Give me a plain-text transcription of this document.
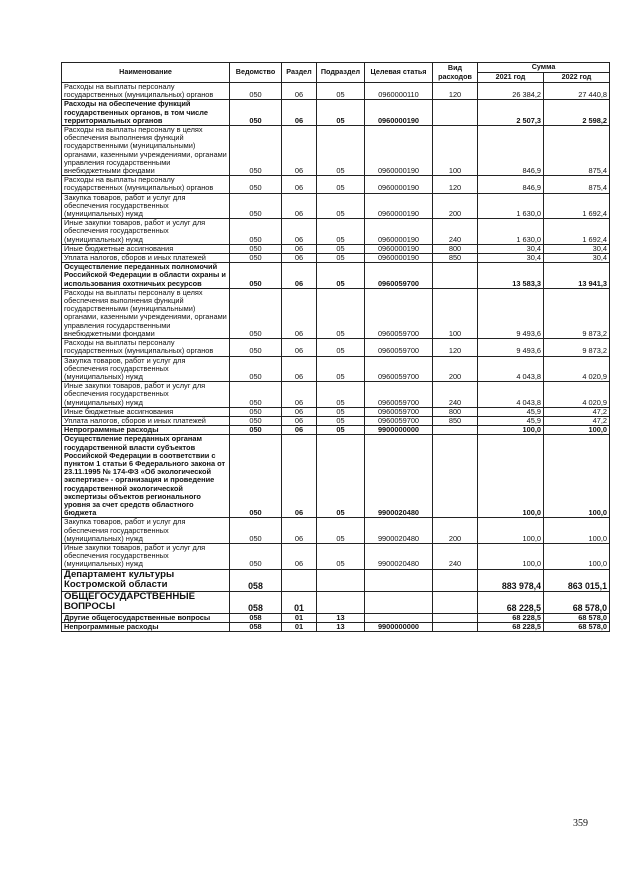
Наименование	Ведомство	Раздел	Подраздел	Целевая статья	Вид расходов	Сумма	
						2021 год	2022 год
Расходы на выплаты персоналу государственных (муниципальных) органов	050	06	05	0960000110	120	26 384,2	27 440,8
Расходы на обеспечение функций государственных органов, в том числе территориальных органов	050	06	05	0960000190		2 507,3	2 598,2
Расходы на выплаты персоналу в целях обеспечения выполнения функций государственными (муниципальными) органами, казенными учреждениями, органами управления государственными внебюджетными фондами	050	06	05	0960000190	100	846,9	875,4
Расходы на выплаты персоналу государственных (муниципальных) органов	050	06	05	0960000190	120	846,9	875,4
Закупка товаров, работ и услуг для обеспечения государственных (муниципальных) нужд	050	06	05	0960000190	200	1 630,0	1 692,4
Иные закупки товаров, работ и услуг для обеспечения государственных (муниципальных) нужд	050	06	05	0960000190	240	1 630,0	1 692,4
Иные бюджетные ассигнования	050	06	05	0960000190	800	30,4	30,4
Уплата налогов, сборов и иных платежей	050	06	05	0960000190	850	30,4	30,4
Осуществление переданных полномочий Российской Федерации в области охраны и использования охотничьих ресурсов	050	06	05	0960059700		13 583,3	13 941,3
Расходы на выплаты персоналу в целях обеспечения выполнения функций государственными (муниципальными) органами, казенными учреждениями, органами управления государственными внебюджетными фондами	050	06	05	0960059700	100	9 493,6	9 873,2
Расходы на выплаты персоналу государственных (муниципальных) органов	050	06	05	0960059700	120	9 493,6	9 873,2
Закупка товаров, работ и услуг для обеспечения государственных (муниципальных) нужд	050	06	05	0960059700	200	4 043,8	4 020,9
Иные закупки товаров, работ и услуг для обеспечения государственных (муниципальных) нужд	050	06	05	0960059700	240	4 043,8	4 020,9
Иные бюджетные ассигнования	050	06	05	0960059700	800	45,9	47,2
Уплата налогов, сборов и иных платежей	050	06	05	0960059700	850	45,9	47,2
Непрограммные расходы	050	06	05	9900000000		100,0	100,0
Осуществление переданных органам государственной власти субъектов Российской Федерации в соответствии с пунктом 1 статьи 6 Федерального закона от 23.11.1995 № 174-ФЗ «Об экологической экспертизе» - организация и проведение государственной экологической экспертизы объектов регионального уровня за счет средств областного бюджета	050	06	05	9900020480		100,0	100,0
Закупка товаров, работ и услуг для обеспечения государственных (муниципальных) нужд	050	06	05	9900020480	200	100,0	100,0
Иные закупки товаров, работ и услуг для обеспечения государственных (муниципальных) нужд	050	06	05	9900020480	240	100,0	100,0
Департамент культуры Костромской области	058					883 978,4	863 015,1
ОБЩЕГОСУДАРСТВЕННЫЕ ВОПРОСЫ	058	01				68 228,5	68 578,0
Другие общегосударственные вопросы	058	01	13			68 228,5	68 578,0
Непрограммные расходы	058	01	13	9900000000		68 228,5	68 578,0
359
